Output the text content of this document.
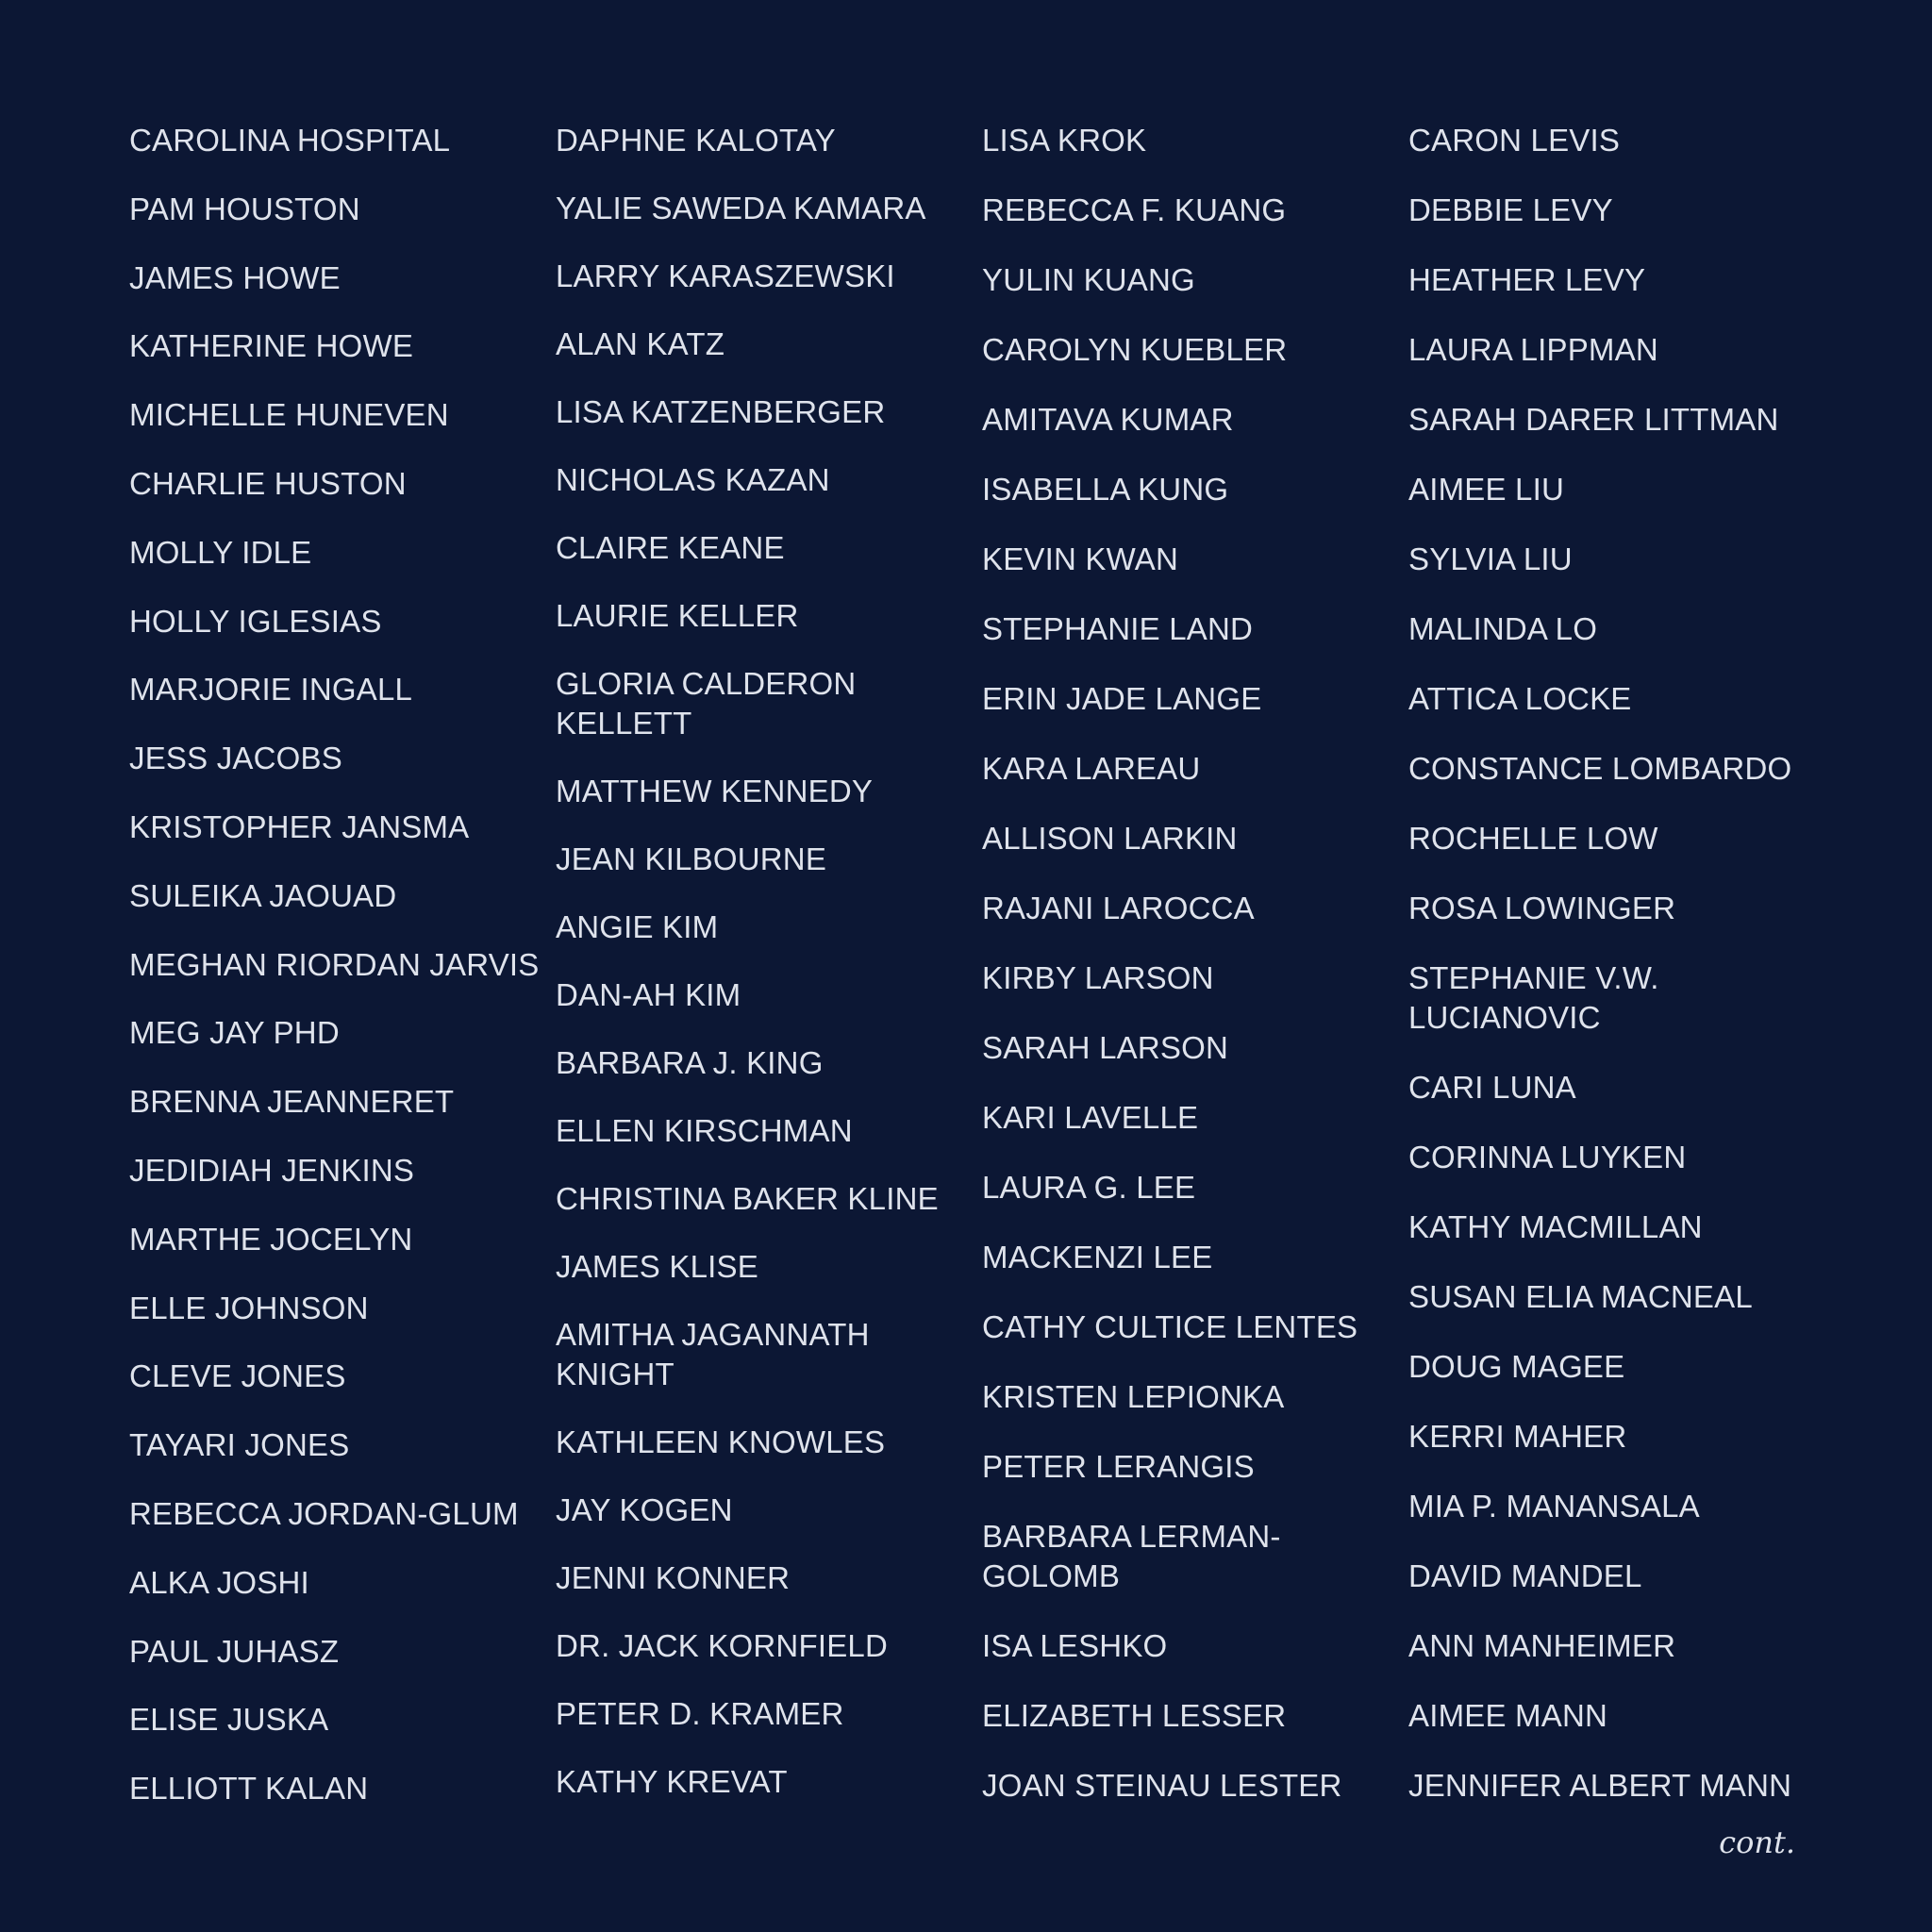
CAROLINA HOSPITAL
PAM HOUSTON
JAMES HOWE
KATHERINE HOWE
MICHELLE HUNEVEN
CHARLIE HUSTON
MOLLY IDLE
HOLLY IGLESIAS
MARJORIE INGALL
JESS JACOBS
KRISTOPHER JANSMA
SULEIKA JAOUAD
MEGHAN RIORDAN JARVIS
MEG JAY PHD
BRENNA JEANNERET
JEDIDIAH JENKINS
MARTHE JOCELYN
ELLE JOHNSON
CLEVE JONES
TAYARI JONES
REBECCA JORDAN-GLUM
ALKA JOSHI
PAUL JUHASZ
ELISE JUSKA
ELLIOTT KALAN
DAPHNE KALOTAY
YALIE SAWEDA KAMARA
LARRY KARASZEWSKI
ALAN KATZ
LISA KATZENBERGER
NICHOLAS KAZAN
CLAIRE KEANE
LAURIE KELLER
GLORIA CALDERON KELLETT
MATTHEW KENNEDY
JEAN KILBOURNE
ANGIE KIM
DAN-AH KIM
BARBARA J. KING
ELLEN KIRSCHMAN
CHRISTINA BAKER KLINE
JAMES KLISE
AMITHA JAGANNATH KNIGHT
KATHLEEN KNOWLES
JAY KOGEN
JENNI KONNER
DR. JACK KORNFIELD
PETER D. KRAMER
KATHY KREVAT
LISA KROK
REBECCA F. KUANG
YULIN KUANG
CAROLYN KUEBLER
AMITAVA KUMAR
ISABELLA KUNG
KEVIN KWAN
STEPHANIE LAND
ERIN JADE LANGE
KARA LAREAU
ALLISON LARKIN
RAJANI LAROCCA
KIRBY LARSON
SARAH LARSON
KARI LAVELLE
LAURA G. LEE
MACKENZI LEE
CATHY CULTICE LENTES
KRISTEN LEPIONKA
PETER LERANGIS
BARBARA LERMAN-GOLOMB
ISA LESHKO
ELIZABETH LESSER
JOAN STEINAU LESTER
CARON LEVIS
DEBBIE LEVY
HEATHER LEVY
LAURA LIPPMAN
SARAH DARER LITTMAN
AIMEE LIU
SYLVIA LIU
MALINDA LO
ATTICA LOCKE
CONSTANCE LOMBARDO
ROCHELLE LOW
ROSA LOWINGER
STEPHANIE V.W. LUCIANOVIC
CARI LUNA
CORINNA LUYKEN
KATHY MACMILLAN
SUSAN ELIA MACNEAL
DOUG MAGEE
KERRI MAHER
MIA P. MANANSALA
DAVID MANDEL
ANN MANHEIMER
AIMEE MANN
JENNIFER ALBERT MANN
cont.
